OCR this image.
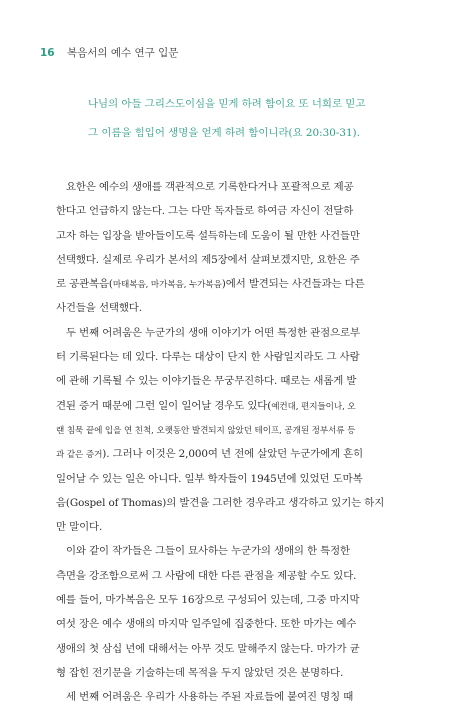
16 복음서의 예수 연구 입문
나님의 아들 그리스도이심을 믿게 하려 함이요 또 너희로 믿고
그 이름을 힘입어 생명을 얻게 하려 함이니라(요 20:30-31).
요한은 예수의 생애를 객관적으로 기록한다거나 포괄적으로 제공
한다고 언급하지 않는다. 그는 다만 독자들로 하여금 자신이 전달하
고자 하는 입장을 받아들이도록 설득하는데 도움이 될 만한 사건들만
선택했다. 실제로 우리가 본서의 제5장에서 살펴보겠지만, 요한은 주
로 공관복음(마태복음, 마가복음, 누가복음)에서 발견되는 사건들과는 다른
사건들을 선택했다.
두 번째 어려움은 누군가의 생애 이야기가 어떤 특정한 관점으로부
터 기록된다는 데 있다. 다루는 대상이 단지 한 사람일지라도 그 사람
에 관해 기록될 수 있는 이야기들은 무궁무진하다. 때로는 새롭게 발
견된 증거 때문에 그런 일이 일어날 경우도 있다(예컨대, 편지들이나, 오
랜 침묵 끝에 입을 연 친척, 오랫동안 발견되지 않았던 테이프, 공개된 정부서류 등
과 같은 증거). 그러나 이것은 2,000여 년 전에 살았던 누군가에게 흔히
일어날 수 있는 일은 아니다. 일부 학자들이 1945년에 있었던 도마복
음(Gospel of Thomas)의 발견을 그러한 경우라고 생각하고 있기는 하지
만 말이다.
이와 같이 작가들은 그들이 묘사하는 누군가의 생애의 한 특정한
측면을 강조함으로써 그 사람에 대한 다른 관점을 제공할 수도 있다.
예를 들어, 마가복음은 모두 16장으로 구성되어 있는데, 그중 마지막
여섯 장은 예수 생애의 마지막 일주일에 집중한다. 또한 마가는 예수
생애의 첫 삼십 년에 대해서는 아무 것도 말해주지 않는다. 마가가 균
형 잡힌 전기문을 기술하는데 목적을 두지 않았던 것은 분명하다.
세 번째 어려움은 우리가 사용하는 주된 자료들에 붙여진 명칭 때
